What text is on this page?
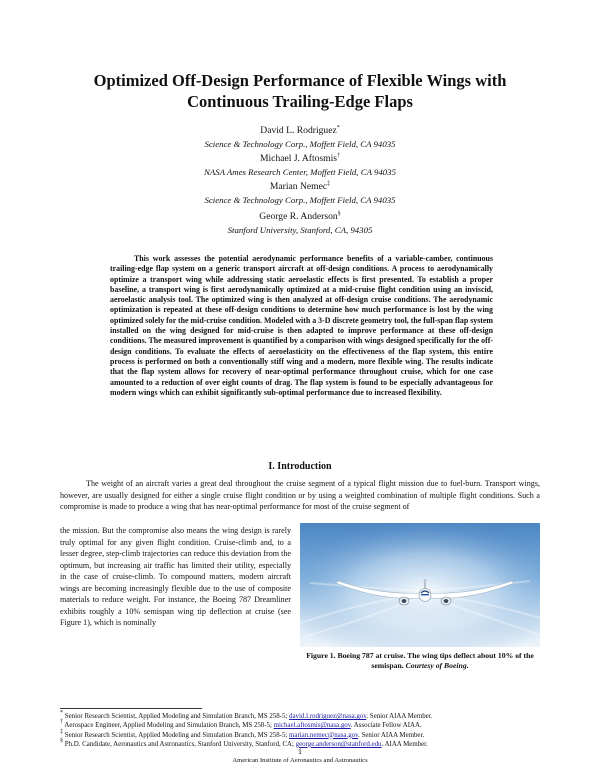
Optimized Off-Design Performance of Flexible Wings with
Continuous Trailing-Edge Flaps
David L. Rodriguez*
Science & Technology Corp., Moffett Field, CA 94035
Michael J. Aftosmis†
NASA Ames Research Center, Moffett Field, CA 94035
Marian Nemec‡
Science & Technology Corp., Moffett Field, CA 94035
George R. Anderson§
Stanford University, Stanford, CA, 94305
This work assesses the potential aerodynamic performance benefits of a variable-camber, continuous trailing-edge flap system on a generic transport aircraft at off-design conditions. A process to aerodynamically optimize a transport wing while addressing static aeroelastic effects is first presented. To establish a proper baseline, a transport wing is first aerodynamically optimized at a mid-cruise flight condition using an inviscid, aeroelastic analysis tool. The optimized wing is then analyzed at off-design cruise conditions. The aerodynamic optimization is repeated at these off-design conditions to determine how much performance is lost by the wing optimized solely for the mid-cruise condition. Modeled with a 3-D discrete geometry tool, the full-span flap system installed on the wing designed for mid-cruise is then adapted to improve performance at these off-design conditions. The measured improvement is quantified by a comparison with wings designed specifically for the off-design conditions. To evaluate the effects of aeroelasticity on the effectiveness of the flap system, this entire process is performed on both a conventionally stiff wing and a modern, more flexible wing. The results indicate that the flap system allows for recovery of near-optimal performance throughout cruise, which for one case amounted to a reduction of over eight counts of drag. The flap system is found to be especially advantageous for modern wings which can exhibit significantly sub-optimal performance due to increased flexibility.
I. Introduction
The weight of an aircraft varies a great deal throughout the cruise segment of a typical flight mission due to fuel-burn. Transport wings, however, are usually designed for either a single cruise flight condition or by using a weighted combination of multiple flight conditions. Such a compromise is made to produce a wing that has near-optimal performance for most of the cruise segment of
the mission. But the compromise also means the wing design is rarely truly optimal for any given flight condition. Cruise-climb and, to a lesser degree, step-climb trajectories can reduce this deviation from the optimum, but increasing air traffic has limited their utility, especially in the case of cruise-climb. To compound matters, modern aircraft wings are becoming increasingly flexible due to the use of composite materials to reduce weight. For instance, the Boeing 787 Dreamliner exhibits roughly a 10% semispan wing tip deflection at cruise (see Figure 1), which is nominally
Figure 1. Boeing 787 at cruise. The wing tips deflect about 10% of the semispan. Courtesy of Boeing.
* Senior Research Scientist, Applied Modeling and Simulation Branch, MS 258-5; david.l.rodriguez@nasa.gov. Senior AIAA Member.
† Aerospace Engineer, Applied Modeling and Simulation Branch, MS 258-5; michael.aftosmis@nasa.gov. Associate Fellow AIAA.
‡ Senior Research Scientist, Applied Modeling and Simulation Branch, MS 258-5; marian.nemec@nasa.gov. Senior AIAA Member.
§ Ph.D. Candidate, Aeronautics and Astronautics, Stanford University, Stanford, CA; george.anderson@stanford.edu. AIAA Member.
1
American Institute of Aeronautics and Astronautics
